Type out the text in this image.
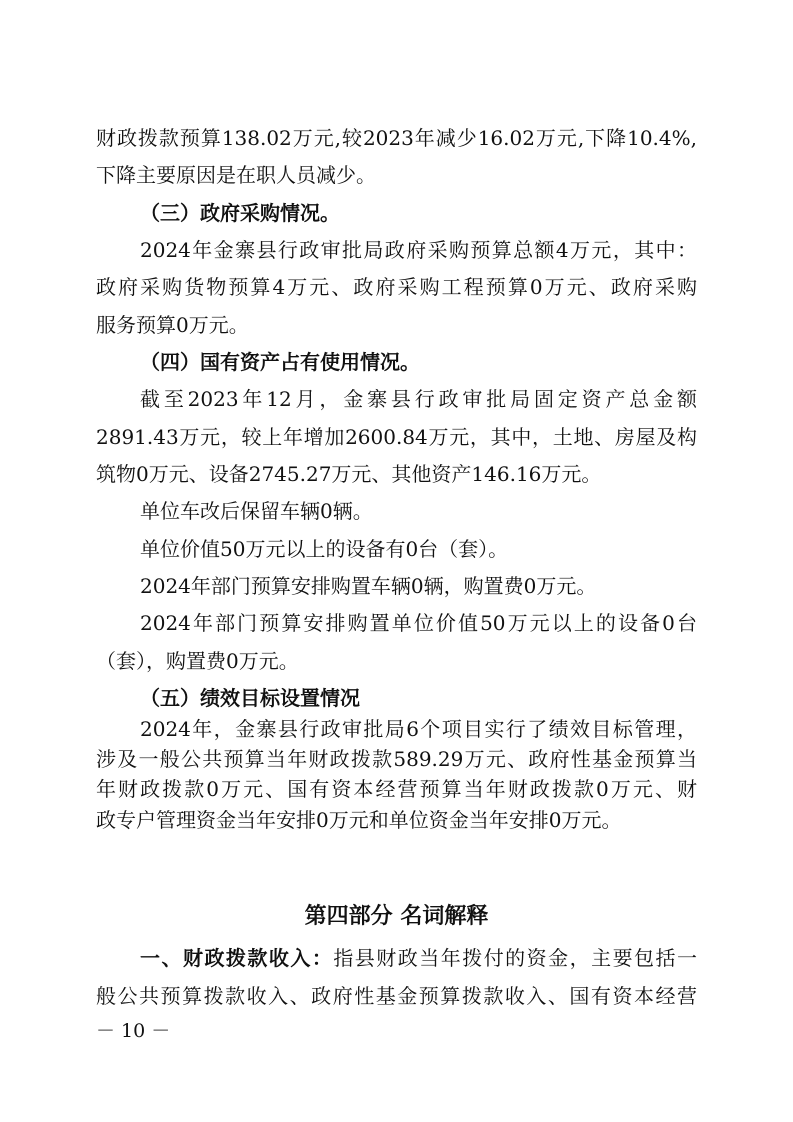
财政拨款预算138.02万元,较2023年减少16.02万元,下降10.4%,
下降主要原因是在职人员减少。
（三）政府采购情况。
2024年金寨县行政审批局政府采购预算总额4万元，其中：
政府采购货物预算4万元、政府采购工程预算0万元、政府采购
服务预算0万元。
（四）国有资产占有使用情况。
截至2023年12月，金寨县行政审批局固定资产总金额
2891.43万元，较上年增加2600.84万元，其中，土地、房屋及构
筑物0万元、设备2745.27万元、其他资产146.16万元。
单位车改后保留车辆0辆。
单位价值50万元以上的设备有0台（套）。
2024年部门预算安排购置车辆0辆，购置费0万元。
2024年部门预算安排购置单位价值50万元以上的设备0台
（套），购置费0万元。
（五）绩效目标设置情况
2024年，金寨县行政审批局6个项目实行了绩效目标管理，
涉及一般公共预算当年财政拨款589.29万元、政府性基金预算当
年财政拨款0万元、国有资本经营预算当年财政拨款0万元、财
政专户管理资金当年安排0万元和单位资金当年安排0万元。
第四部分 名词解释
一、财政拨款收入：指县财政当年拨付的资金，主要包括一
般公共预算拨款收入、政府性基金预算拨款收入、国有资本经营
－ 10 －
